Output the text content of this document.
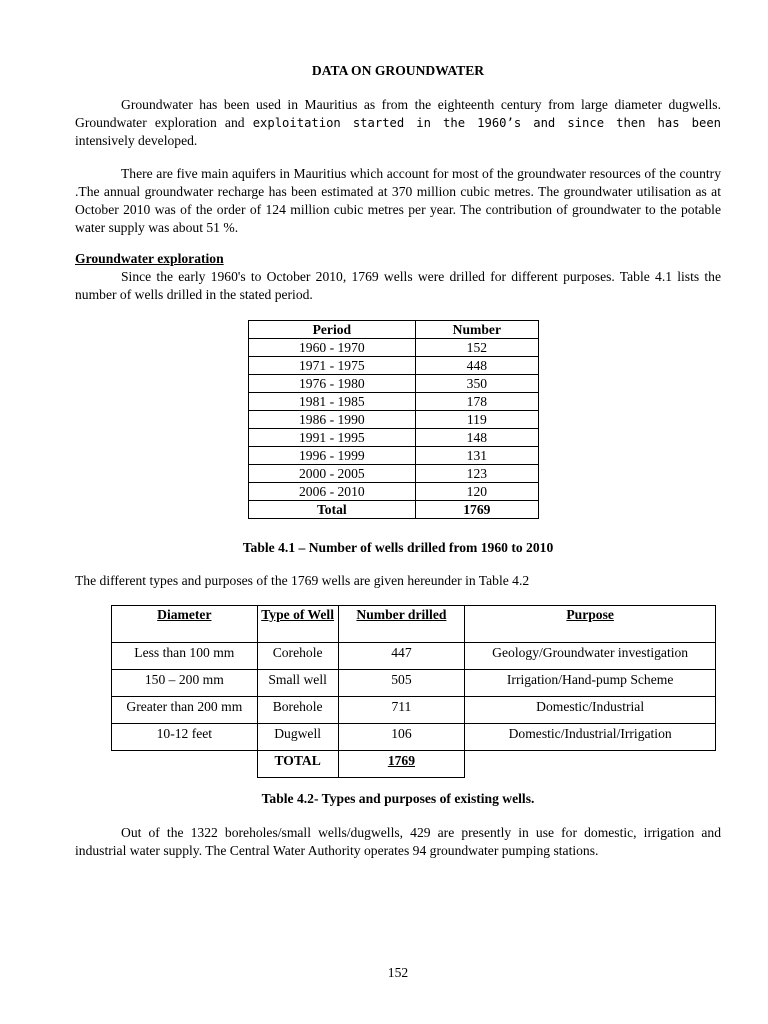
DATA ON GROUNDWATER

Groundwater has been used in Mauritius as from the eighteenth century from large diameter dugwells. Groundwater exploration and exploitation started in the 1960’s and since then has been intensively developed.

There are five main aquifers in Mauritius which account for most of the groundwater resources of the country .The annual groundwater recharge has been estimated at 370 million cubic metres. The groundwater utilisation as at October 2010 was of the order of 124 million cubic metres per year. The contribution of groundwater to the potable water supply was about 51 %.

Groundwater exploration

Since the early 1960's to October 2010, 1769 wells were drilled for different purposes. Table 4.1 lists the number of wells drilled in the stated period.

Period	Number
1960 - 1970	152
1971 - 1975	448
1976 - 1980	350
1981 - 1985	178
1986 - 1990	119
1991 - 1995	148
1996 - 1999	131
2000 - 2005	123
2006 - 2010	120
Total	1769
Table 4.1 – Number of wells drilled from 1960 to 2010

The different types and purposes of the 1769 wells are given hereunder in Table 4.2

Diameter	Type of Well	Number drilled	Purpose
Less than 100 mm	Corehole	447	Geology/Groundwater investigation
150 – 200 mm	Small well	505	Irrigation/Hand-pump Scheme
Greater than 200 mm	Borehole	711	Domestic/Industrial
10-12 feet	Dugwell	106	Domestic/Industrial/Irrigation
	TOTAL	1769	
Table 4.2- Types and purposes of existing wells.

Out of the 1322 boreholes/small wells/dugwells, 429 are presently in use for domestic, irrigation and industrial water supply. The Central Water Authority operates 94 groundwater pumping stations.

152
